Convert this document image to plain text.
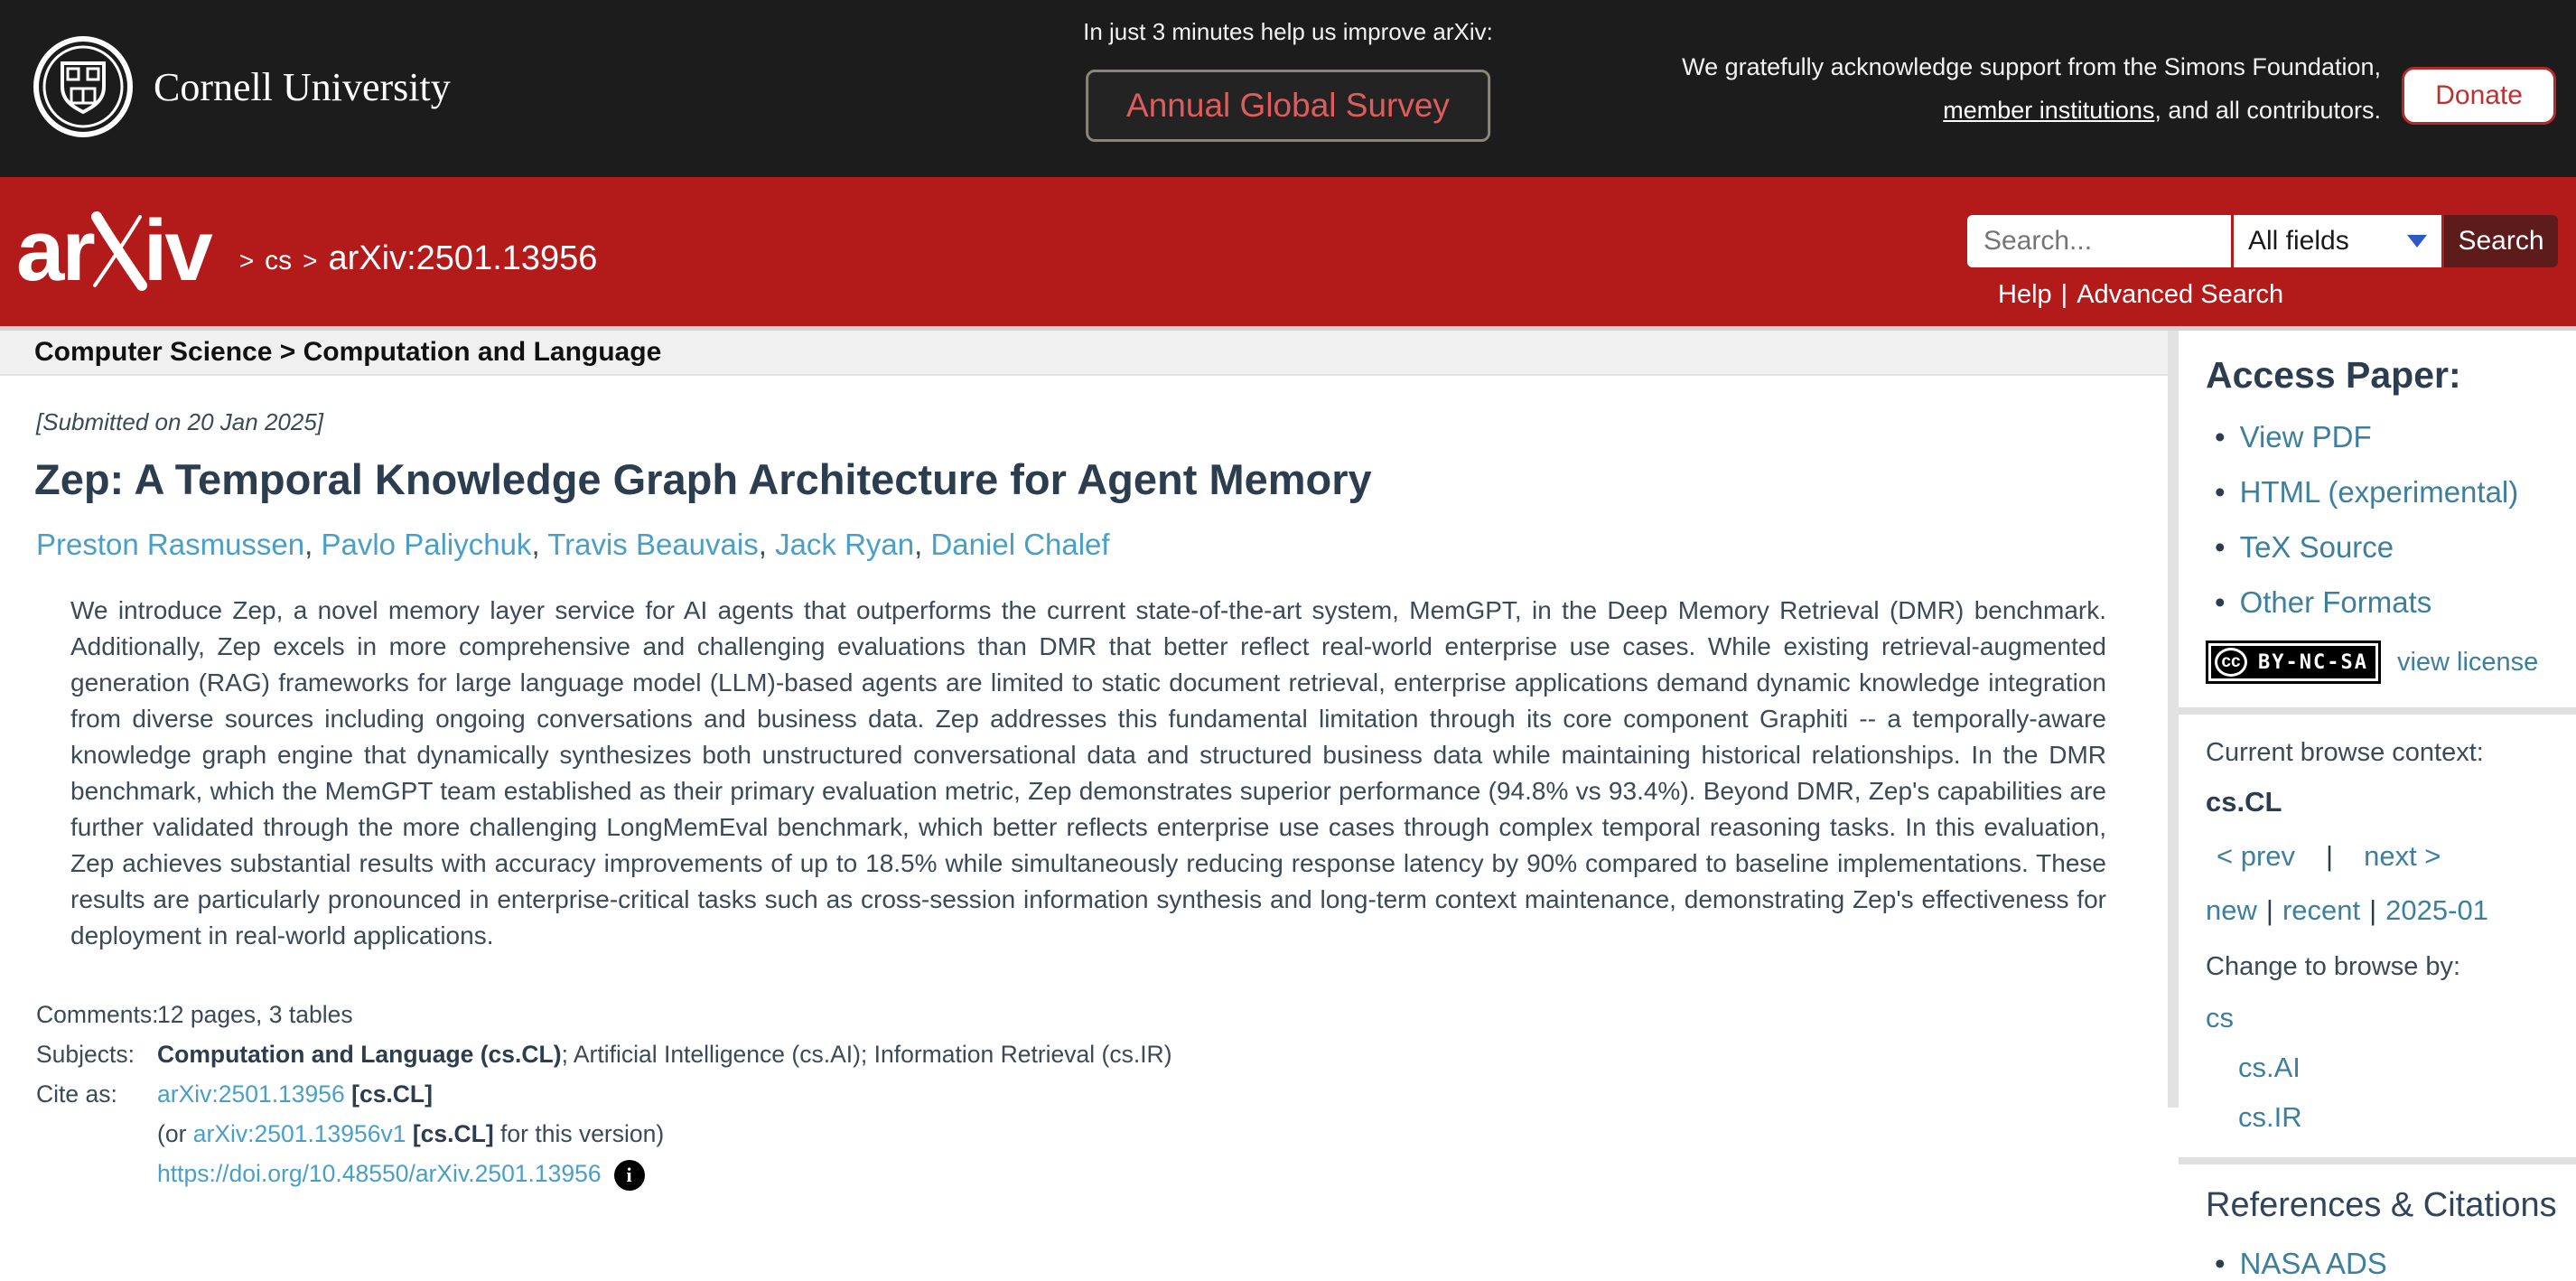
Cornell University
In just 3 minutes help us improve arXiv:
Annual Global Survey
We gratefully acknowledge support from the Simons Foundation,
member institutions, and all contributors.	Donate
ar iv > cs > arXiv:2501.13956
Search...	All fields	Search
Help | Advanced Search
Computer Science > Computation and Language
[Submitted on 20 Jan 2025]
Zep: A Temporal Knowledge Graph Architecture for Agent Memory
Preston Rasmussen , Pavlo Paliychuk , Travis Beauvais , Jack Ryan , Daniel Chalef

We introduce Zep, a novel memory layer service for AI agents that outperforms the current state-of-the-art system, MemGPT, in the Deep Memory Retrieval (DMR) benchmark. Additionally, Zep excels in more comprehensive and challenging evaluations than DMR that better reflect real-world enterprise use cases. While existing retrieval-augmented generation (RAG) frameworks for large language model (LLM)-based agents are limited to static document retrieval, enterprise applications demand dynamic knowledge integration from diverse sources including ongoing conversations and business data. Zep addresses this fundamental limitation through its core component Graphiti -- a temporally-aware knowledge graph engine that dynamically synthesizes both unstructured conversational data and structured business data while maintaining historical relationships. In the DMR benchmark, which the MemGPT team established as their primary evaluation metric, Zep demonstrates superior performance (94.8% vs 93.4%). Beyond DMR, Zep's capabilities are further validated through the more challenging LongMemEval benchmark, which better reflects enterprise use cases through complex temporal reasoning tasks. In this evaluation, Zep achieves substantial results with accuracy improvements of up to 18.5% while simultaneously reducing response latency by 90% compared to baseline implementations. These results are particularly pronounced in enterprise-critical tasks such as cross-session information synthesis and long-term context maintenance, demonstrating Zep's effectiveness for deployment in real-world applications.

Comments:
12 pages, 3 tables
Subjects: Computation and Language (cs.CL); Artificial Intelligence (cs.AI); Information Retrieval (cs.IR)
Cite as:	arXiv:2501.13956 [cs.CL]
(or arXiv:2501.13956v1 [cs.CL] for this version)
https://doi.org/10.48550/arXiv.2501.13956 i
Access Paper:
• View PDF
• HTML (experimental)
• TeX Source
• Other Formats
cc BY-NC-SA view license
Current browse context:
cs.CL
< prev | next >
new | recent | 2025-01
Change to browse by:
cs
cs.AI
cs.IR
References & Citations
• NASA ADS
